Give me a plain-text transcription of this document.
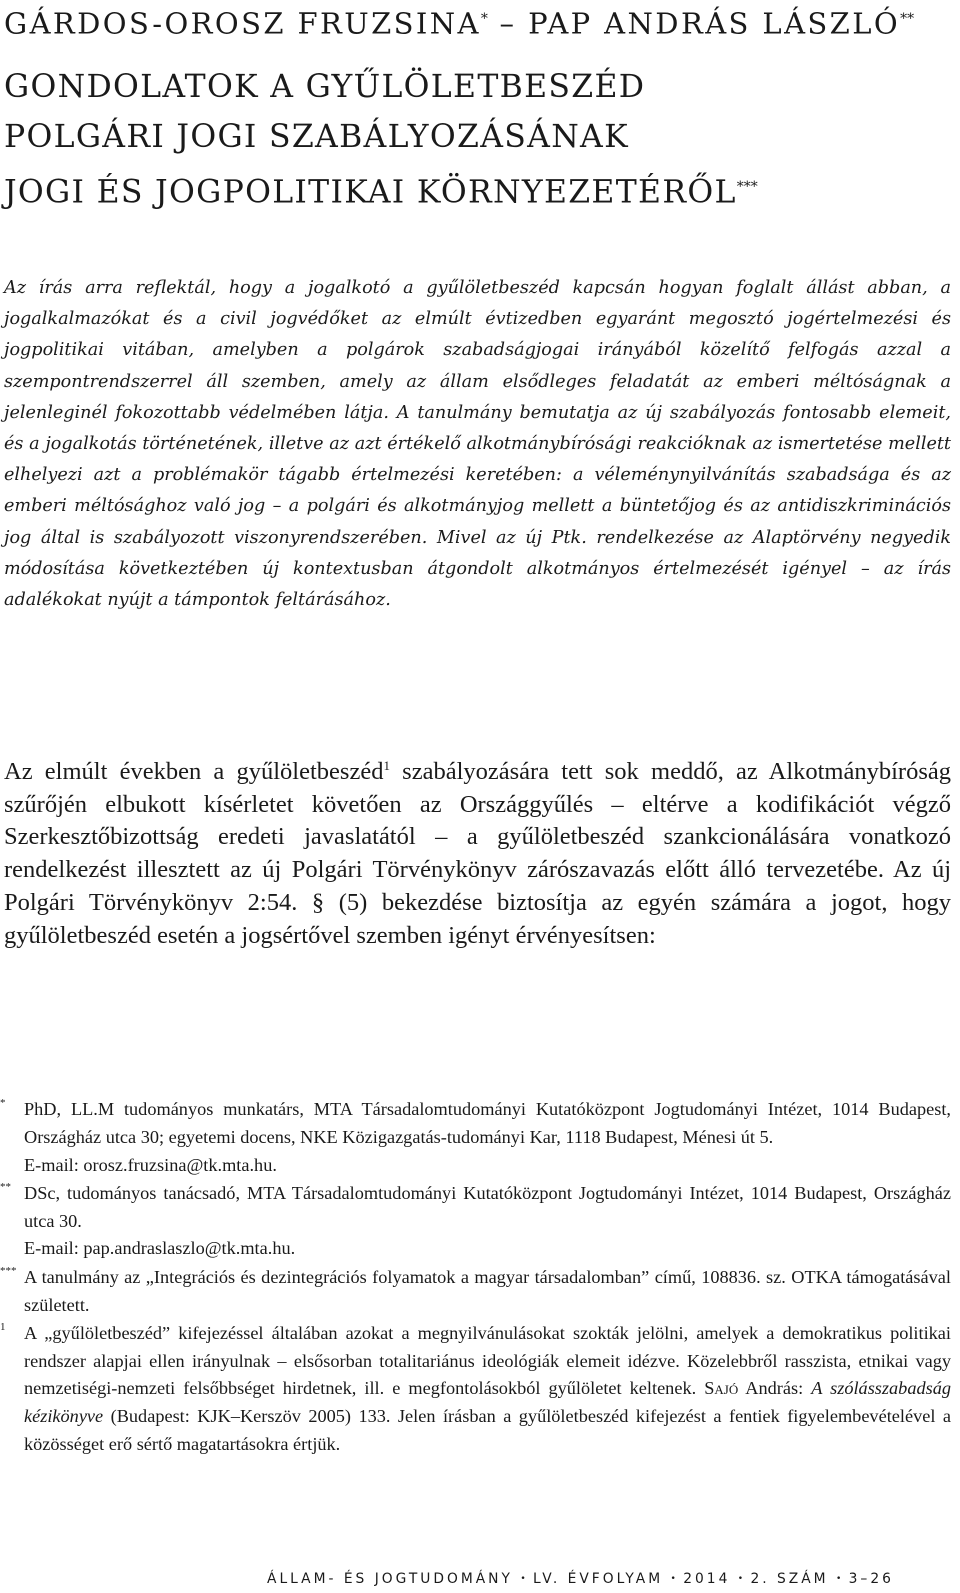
GÁRDOS-OROSZ FRUZSINA* – PAP ANDRÁS LÁSZLÓ**
GONDOLATOK A GYŰLÖLETBESZÉD
POLGÁRI JOGI SZABÁLYOZÁSÁNAK
JOGI ÉS JOGPOLITIKAI KÖRNYEZETÉRŐL***
Az írás arra reflektál, hogy a jogalkotó a gyűlöletbeszéd kapcsán hogyan foglalt állást abban, a jogalkalmazókat és a civil jogvédőket az elmúlt évtizedben egyaránt megosztó jogértelmezési és jogpolitikai vitában, amelyben a polgárok szabadságjogai irányából közelítő felfogás azzal a szempontrendszerrel áll szemben, amely az állam elsődleges feladatát az emberi méltóságnak a jelenleginél fokozottabb védelmében látja. A tanulmány bemutatja az új szabályozás fontosabb elemeit, és a jogalkotás történetének, illetve az azt értékelő alkotmánybírósági reakcióknak az ismertetése mellett elhelyezi azt a problémakör tágabb értelmezési keretében: a véleménynyilvánítás szabadsága és az emberi méltósághoz való jog – a polgári és alkotmányjog mellett a büntetőjog és az antidiszkriminációs jog által is szabályozott viszonyrendszerében. Mivel az új Ptk. rendelkezése az Alaptörvény negyedik módosítása következtében új kontextusban átgondolt alkotmányos értelmezését igényel – az írás adalékokat nyújt a támpontok feltárásához.
Az elmúlt években a gyűlöletbeszéd$^1$ szabályozására tett sok meddő, az Alkotmánybíróság szűrőjén elbukott kísérletet követően az Országgyűlés – eltérve a kodifikációt végző Szerkesztőbizottság eredeti javaslatától – a gyűlöletbeszéd szankcionálására vonatkozó rendelkezést illesztett az új Polgári Törvénykönyv zárószavazás előtt álló tervezetébe. Az új Polgári Törvénykönyv 2:54. § (5) bekezdése biztosítja az egyén számára a jogot, hogy gyűlöletbeszéd esetén a jogsértővel szemben igényt érvényesítsen:
* PhD, LL.M tudományos munkatárs, MTA Társadalomtudományi Kutatóközpont Jogtudományi Intézet, 1014 Budapest, Országház utca 30; egyetemi docens, NKE Közigazgatás-tudományi Kar, 1118 Budapest, Ménesi út 5.
E-mail: orosz.fruzsina@tk.mta.hu.
** DSc, tudományos tanácsadó, MTA Társadalomtudományi Kutatóközpont Jogtudományi Intézet, 1014 Budapest, Országház utca 30.
E-mail: pap.andraslaszlo@tk.mta.hu.
*** A tanulmány az „Integrációs és dezintegrációs folyamatok a magyar társadalomban” című, 108836. sz. OTKA támogatásával született.
1 A „gyűlöletbeszéd” kifejezéssel általában azokat a megnyilvánulásokat szokták jelölni, amelyek a demokratikus politikai rendszer alapjai ellen irányulnak – elsősorban totalitariánus ideológiák elemeit idézve. Közelebbről rasszista, etnikai vagy nemzetiségi-nemzeti felsőbbséget hirdetnek, ill. e megfontolásokból gyűlöletet keltenek. Sajó András: A szólásszabadság kézikönyve (Budapest: KJK–Kerszöv 2005) 133. Jelen írásban a gyűlöletbeszéd kifejezést a fentiek figyelembevételével a közösséget erő sértő magatartásokra értjük.
ÁLLAM- ÉS JOGTUDOMÁNY • LV. ÉVFOLYAM • 2014 • 2. SZÁM • 3–26
